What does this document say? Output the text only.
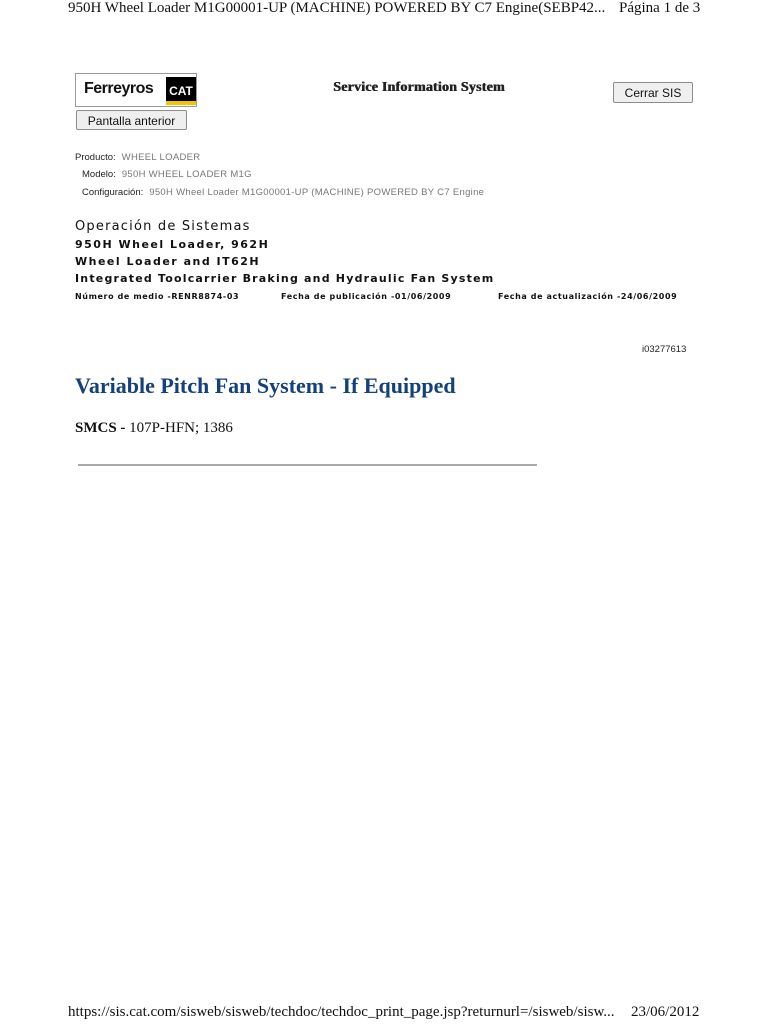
950H Wheel Loader M1G00001-UP (MACHINE) POWERED BY C7 Engine(SEBP42... Página 1 de 3
Ferreyros CAT	Service Information System	Cerrar SIS
Pantalla anterior
Producto: WHEEL LOADER
Modelo: 950H WHEEL LOADER M1G
Configuración: 950H Wheel Loader M1G00001-UP (MACHINE) POWERED BY C7 Engine
Operación de Sistemas
950H Wheel Loader, 962H
Wheel Loader and IT62H
Integrated Toolcarrier Braking and Hydraulic Fan System
Número de medio -RENR8874-03	Fecha de publicación -01/06/2009	Fecha de actualización -24/06/2009
i03277613
Variable Pitch Fan System - If Equipped
SMCS - 107P-HFN; 1386
https://sis.cat.com/sisweb/sisweb/techdoc/techdoc_print_page.jsp?returnurl=/sisweb/sisw... 23/06/2012
